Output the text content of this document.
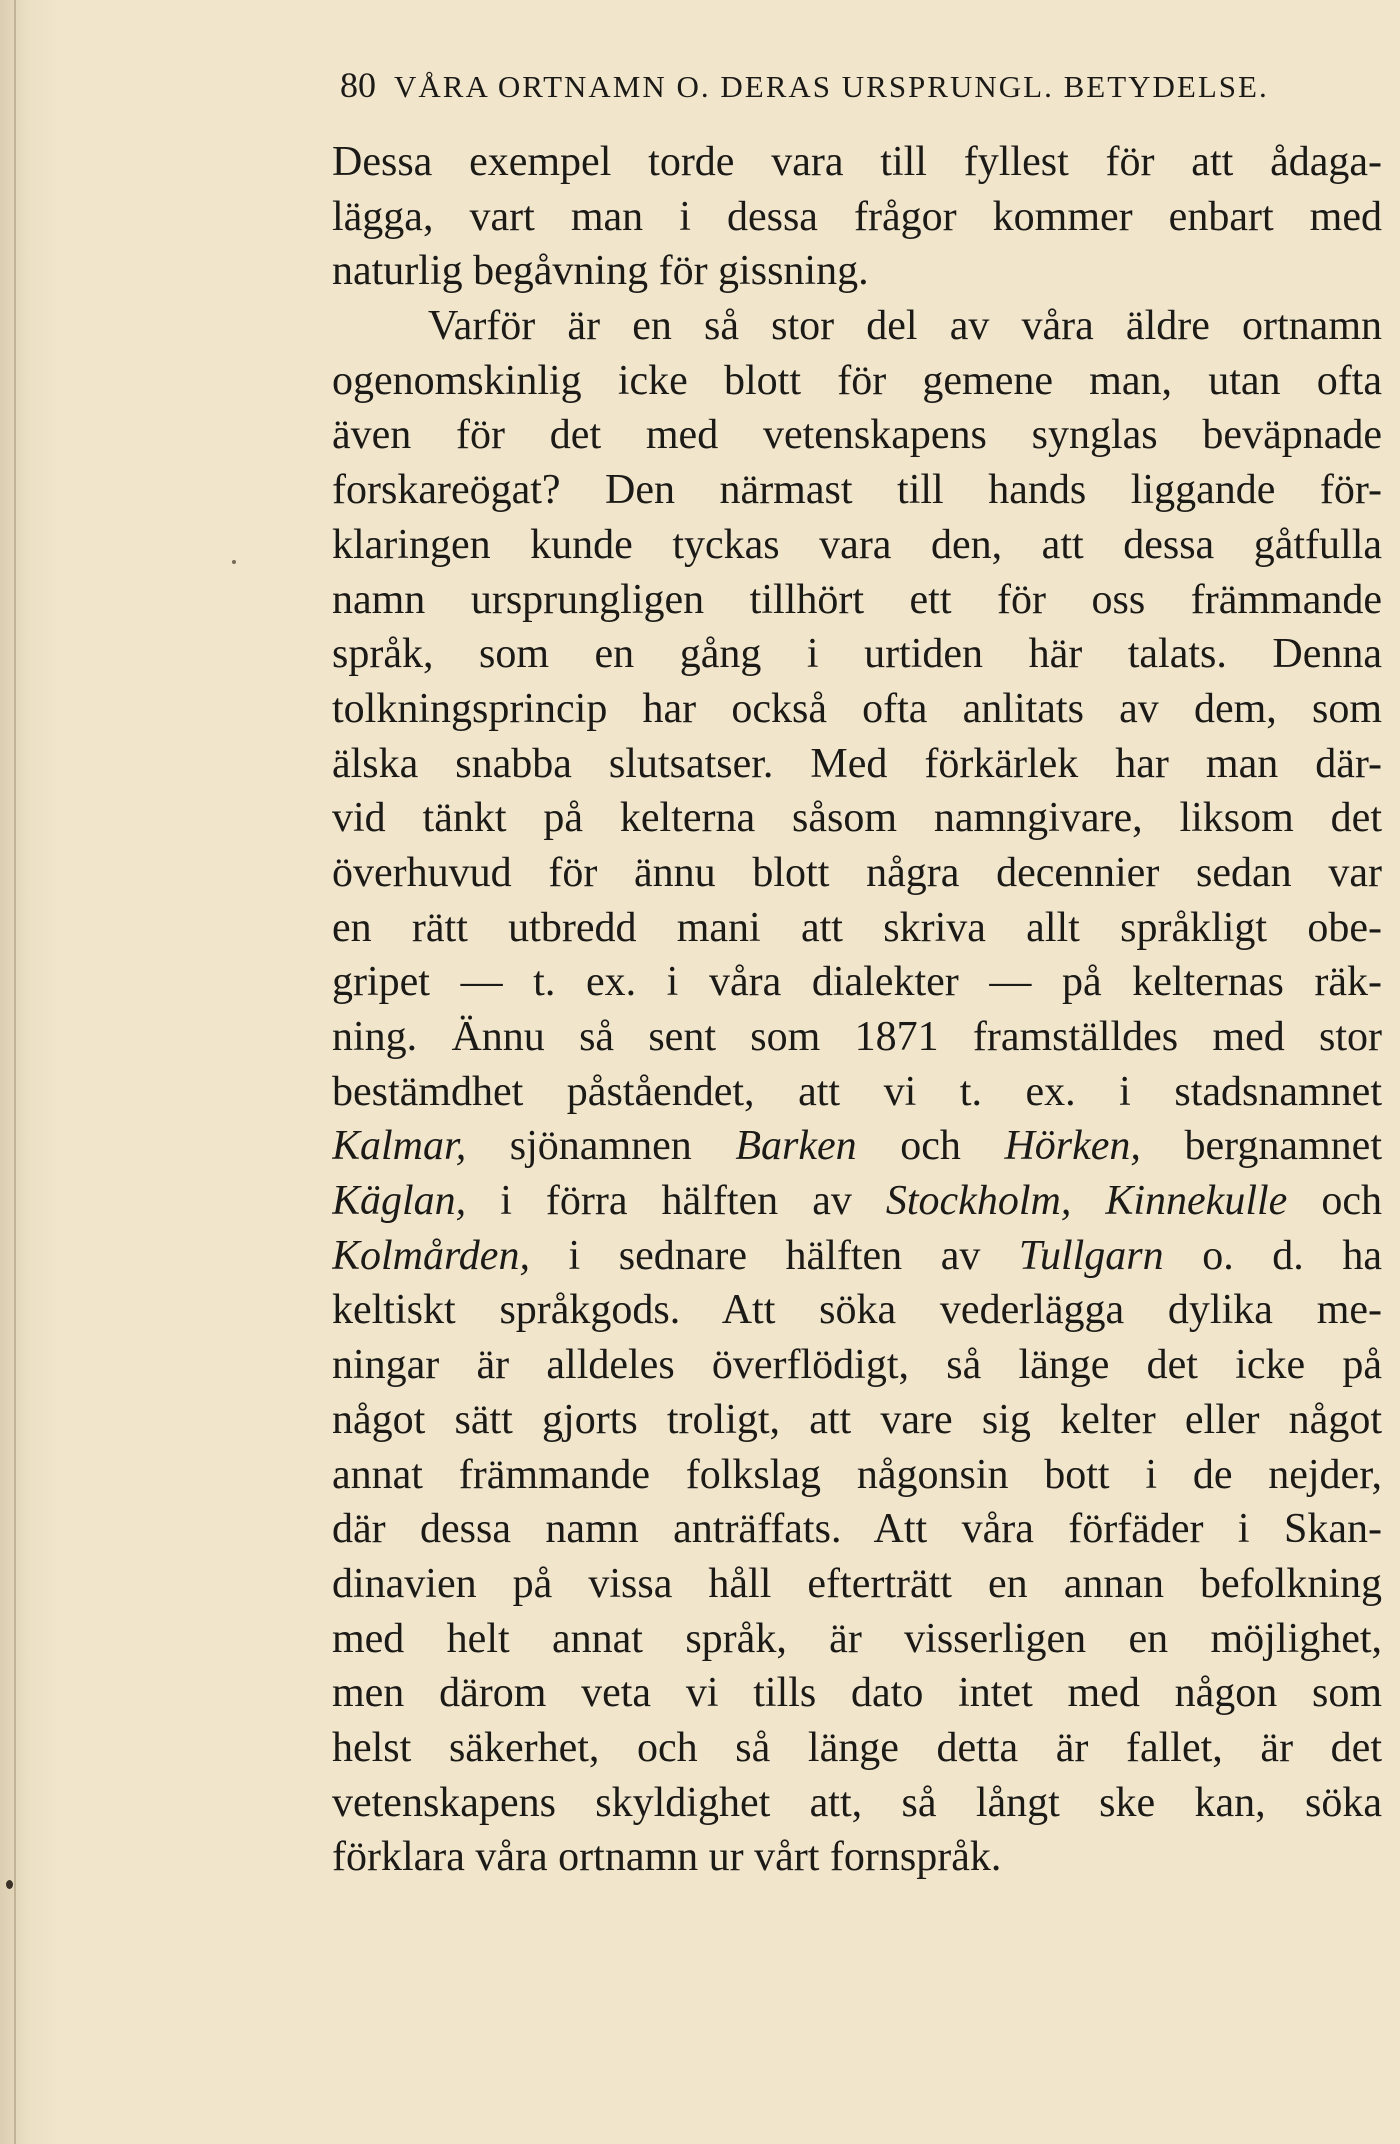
80 VÅRA ORTNAMN O. DERAS URSPRUNGL. BETYDELSE.
Dessa exempel torde vara till fyllest för att ådaga-
lägga, vart man i dessa frågor kommer enbart med
naturlig begåvning för gissning.
Varför är en så stor del av våra äldre ortnamn
ogenomskinlig icke blott för gemene man, utan ofta
även för det med vetenskapens synglas beväpnade
forskareögat? Den närmast till hands liggande för-
klaringen kunde tyckas vara den, att dessa gåtfulla
namn ursprungligen tillhört ett för oss främmande
språk, som en gång i urtiden här talats. Denna
tolkningsprincip har också ofta anlitats av dem, som
älska snabba slutsatser. Med förkärlek har man där-
vid tänkt på kelterna såsom namngivare, liksom det
överhuvud för ännu blott några decennier sedan var
en rätt utbredd mani att skriva allt språkligt obe-
gripet — t. ex. i våra dialekter — på kelternas räk-
ning. Ännu så sent som 1871 framställdes med stor
bestämdhet påståendet, att vi t. ex. i stadsnamnet
Kalmar, sjönamnen Barken och Hörken, bergnamnet
Käglan, i förra hälften av Stockholm, Kinnekulle och
Kolmården, i sednare hälften av Tullgarn o. d. ha
keltiskt språkgods. Att söka vederlägga dylika me-
ningar är alldeles överflödigt, så länge det icke på
något sätt gjorts troligt, att vare sig kelter eller något
annat främmande folkslag någonsin bott i de nejder,
där dessa namn anträffats. Att våra förfäder i Skan-
dinavien på vissa håll efterträtt en annan befolkning
med helt annat språk, är visserligen en möjlighet,
men därom veta vi tills dato intet med någon som
helst säkerhet, och så länge detta är fallet, är det
vetenskapens skyldighet att, så långt ske kan, söka
förklara våra ortnamn ur vårt fornspråk.
